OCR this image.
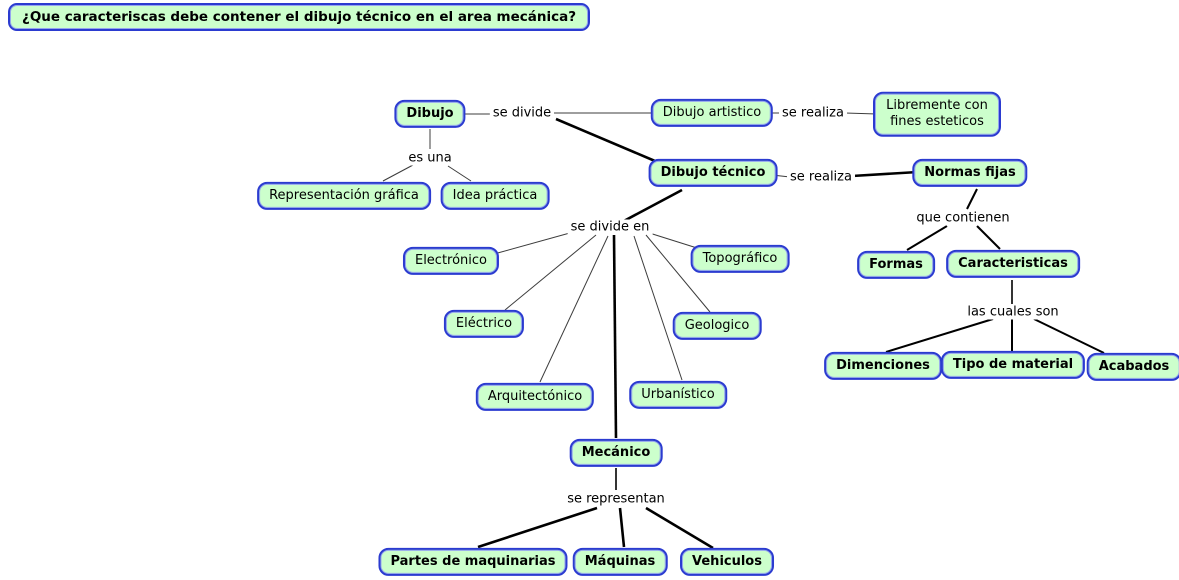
¿Que caracteriscas debe contener el dibujo técnico en el area mecánica?
Dibujo	Dibujo artistico	Libremente con fines esteticos
Representación gráfica	Idea práctica
Dibujo técnico	Normas fijas
Formas	Caracteristicas
Electrónico	Topográfico
Eléctrico	Geologico
Arquitectónico	Urbanístico
Mecánico
Dimenciones	Tipo de material	Acabados
Partes de maquinarias	Máquinas	Vehiculos
se divide	se realiza
es una
se realiza
que contienen
se divide en
las cuales son
se representan
